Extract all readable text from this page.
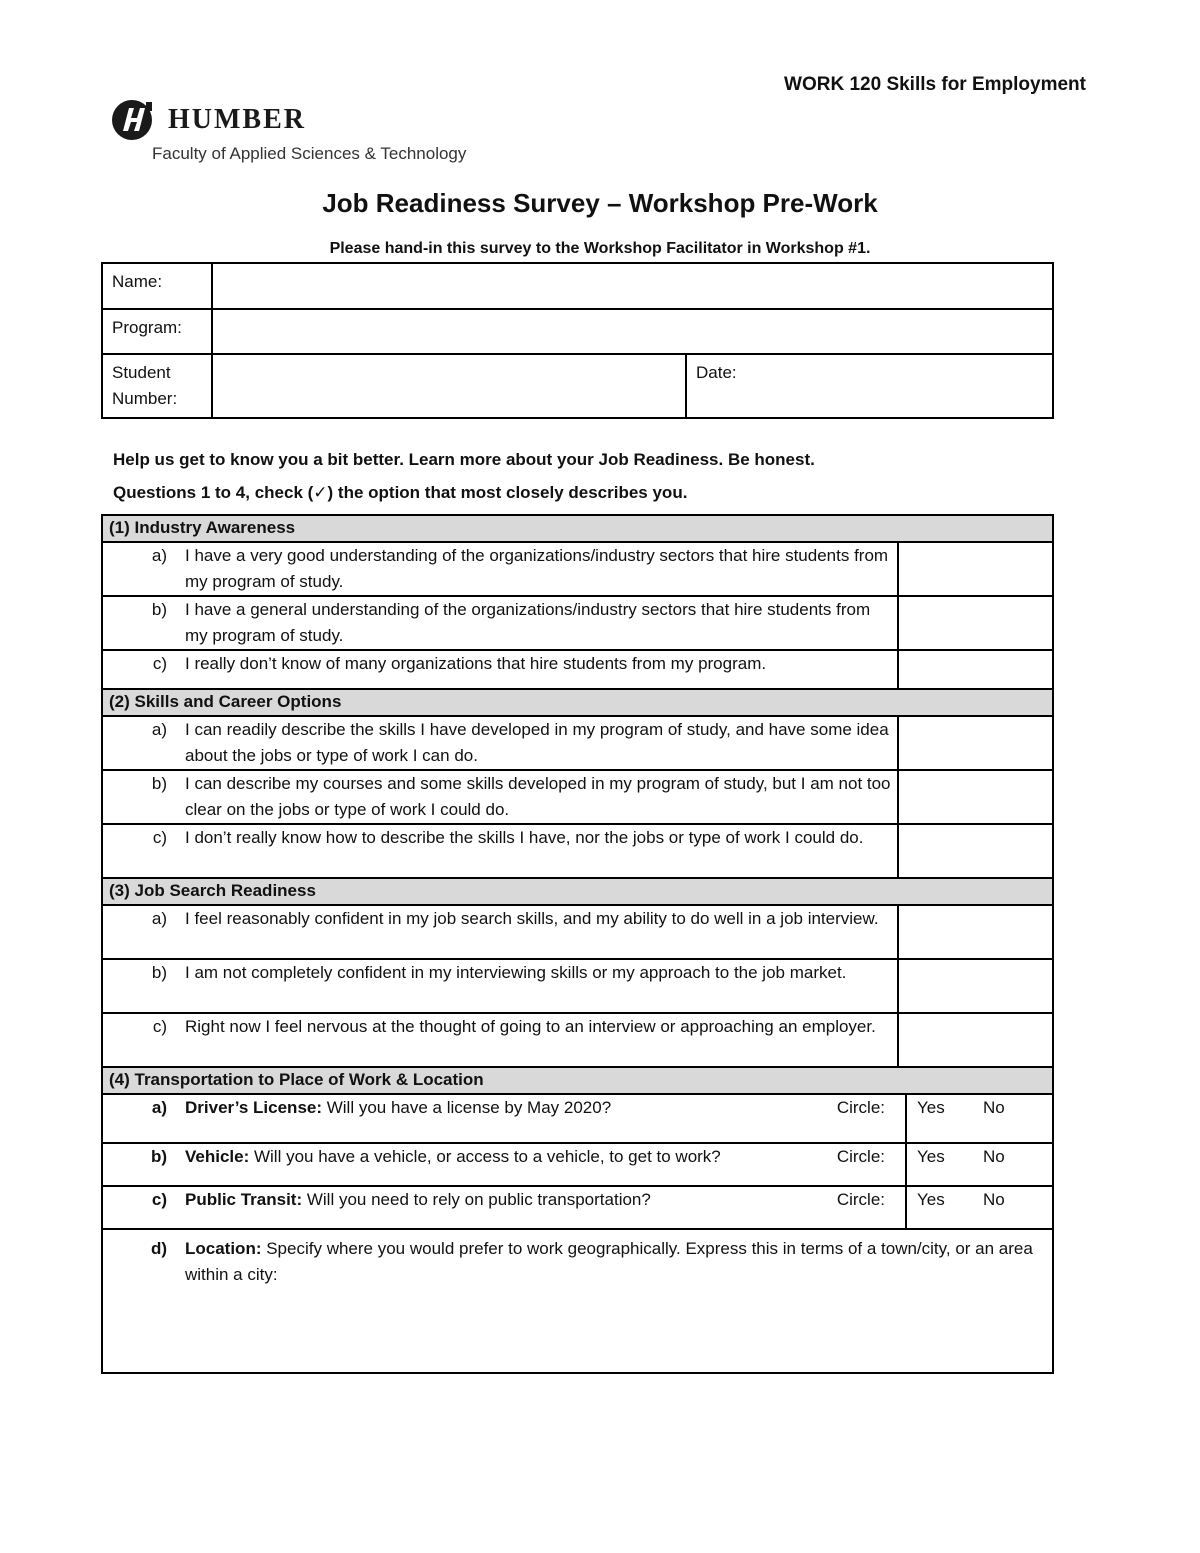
WORK 120 Skills for Employment
HUMBER
Faculty of Applied Sciences & Technology
Job Readiness Survey – Workshop Pre-Work
Please hand-in this survey to the Workshop Facilitator in Workshop #1.
Name:		
Program:		
Student Number:		Date:
Help us get to know you a bit better. Learn more about your Job Readiness. Be honest.
Questions 1 to 4, check (✓) the option that most closely describes you.
(1) Industry Awareness		

a) I have a very good understanding of the organizations/industry sectors that hire students from my program of study.		

b) I have a general understanding of the organizations/industry sectors that hire students from my program of study.		

c) I really don’t know of many organizations that hire students from my program.		

(2) Skills and Career Options		

a) I can readily describe the skills I have developed in my program of study, and have some idea about the jobs or type of work I can do.		

b) I can describe my courses and some skills developed in my program of study, but I am not too clear on the jobs or type of work I could do.		

c) I don’t really know how to describe the skills I have, nor the jobs or type of work I could do.		

(3) Job Search Readiness		

a) I feel reasonably confident in my job search skills, and my ability to do well in a job interview.		

b) I am not completely confident in my interviewing skills or my approach to the job market.		

c) Right now I feel nervous at the thought of going to an interview or approaching an employer.		

(4) Transportation to Place of Work & Location		

a) Driver’s License: Will you have a license by May 2020? Circle:		Yes No

b) Vehicle: Will you have a vehicle, or access to a vehicle, to get to work? Circle:		Yes No

c) Public Transit: Will you need to rely on public transportation? Circle:		Yes No

d) Location: Specify where you would prefer to work geographically. Express this in terms of a town/city, or an area within a city:		
